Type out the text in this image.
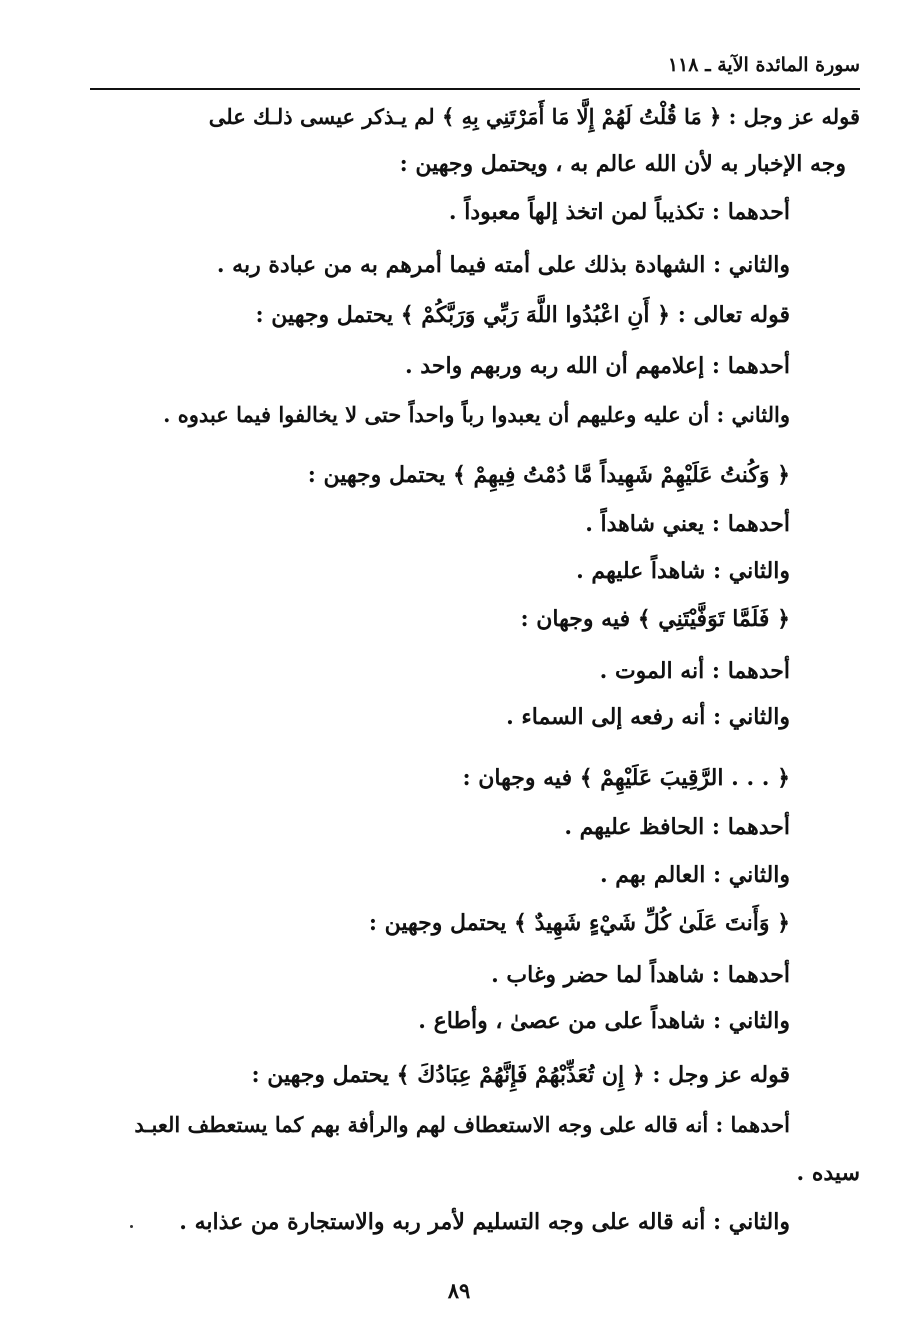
سورة المائدة الآية ـ ١١٨
قوله عز وجل : ﴿ مَا قُلْتُ لَهُمْ إِلَّا مَا أَمَرْتَنِي بِهِ ﴾ لم يـذكر عيسى ذلـك على
وجه الإخبار به لأن الله عالم به ، ويحتمل وجهين :
أحدهما : تكذيباً لمن اتخذ إلهاً معبوداً .
والثاني : الشهادة بذلك على أمته فيما أمرهم به من عبادة ربه .
قوله تعالى : ﴿ أَنِ اعْبُدُوا اللَّهَ رَبِّي وَرَبَّكُمْ ﴾ يحتمل وجهين :
أحدهما : إعلامهم أن الله ربه وربهم واحد .
والثاني : أن عليه وعليهم أن يعبدوا رباً واحداً حتى لا يخالفوا فيما عبدوه .
﴿ وَكُنتُ عَلَيْهِمْ شَهِيداً مَّا دُمْتُ فِيهِمْ ﴾ يحتمل وجهين :
أحدهما : يعني شاهداً .
والثاني : شاهداً عليهم .
﴿ فَلَمَّا تَوَفَّيْتَنِي ﴾ فيه وجهان :
أحدهما : أنه الموت .
والثاني : أنه رفعه إلى السماء .
﴿ . . . الرَّقِيبَ عَلَيْهِمْ ﴾ فيه وجهان :
أحدهما : الحافظ عليهم .
والثاني : العالم بهم .
﴿ وَأَنتَ عَلَىٰ كُلِّ شَيْءٍ شَهِيدٌ ﴾ يحتمل وجهين :
أحدهما : شاهداً لما حضر وغاب .
والثاني : شاهداً على من عصىٰ ، وأطاع .
قوله عز وجل : ﴿ إِن تُعَذِّبْهُمْ فَإِنَّهُمْ عِبَادُكَ ﴾ يحتمل وجهين :
أحدهما : أنه قاله على وجه الاستعطاف لهم والرأفة بهم كما يستعطف العبـد
سيده .
والثاني : أنه قاله على وجه التسليم لأمر ربه والاستجارة من عذابه .
٨٩
